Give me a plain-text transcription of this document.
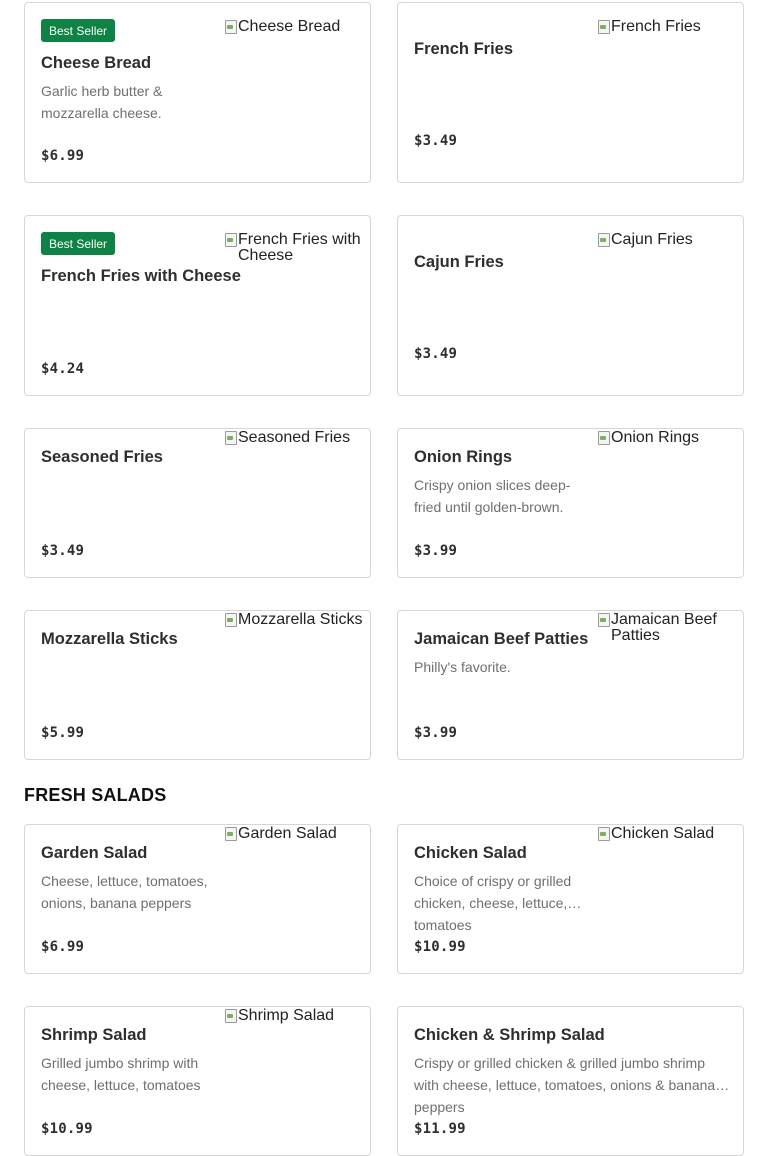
Best Seller
Cheese Bread
Garlic herb butter & mozzarella cheese.
$6.99
Cheese Bread
French Fries
$3.49
French Fries
Best Seller
French Fries with Cheese
$4.24
French Fries with Cheese	Cajun Fries
$3.49
Cajun Fries
Seasoned Fries
$3.49
Seasoned Fries
Onion Rings
Crispy onion slices deep-fried until golden-brown.
$3.99
Onion Rings
Mozzarella Sticks
$5.99
Mozzarella Sticks
Jamaican Beef Patties
Philly's favorite.
$3.99
Jamaican Beef Patties
FRESH SALADS
Garden Salad
Cheese, lettuce, tomatoes, onions, banana peppers
$6.99
Garden Salad
Chicken Salad
Choice of crispy or grilled chicken, cheese, lettuce, tomatoes
$10.99
Chicken Salad
Shrimp Salad
Grilled jumbo shrimp with cheese, lettuce, tomatoes
$10.99
Shrimp Salad
Chicken & Shrimp Salad
Crispy or grilled chicken & grilled jumbo shrimp with cheese, lettuce, tomatoes, onions & banana peppers
$11.99
